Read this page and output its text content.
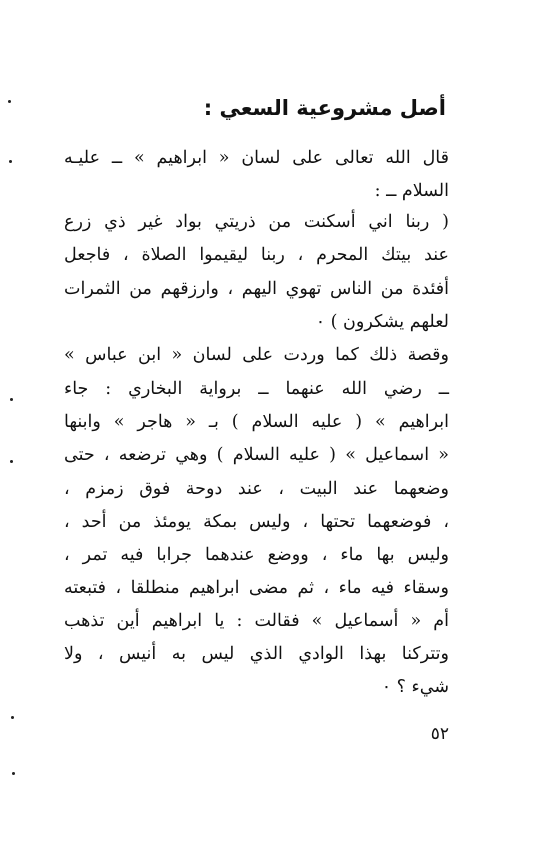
أصل مشروعية السعي :
قال الله تعالى على لسان « ابراهيم » ــ عليـه
السلام ــ :
( ربنا اني أسكنت من ذريتي بواد غير ذي زرع
عند بيتك المحرم ، ربنا ليقيموا الصلاة ، فاجعل
أفئدة من الناس تهوي اليهم ، وارزقهم من الثمرات
لعلهم يشكرون ) ٠
وقصة ذلك كما وردت على لسان « ابن عباس »
ــ رضي الله عنهما ــ برواية البخاري : جاء
ابراهيم » ( عليه السلام ) بـ « هاجر » وابنها
« اسماعيل » ( عليه السلام ) وهي ترضعه ، حتى
وضعهما عند البيت ، عند دوحة فوق زمزم ،
، فوضعهما تحتها ، وليس بمكة يومئذ من أحد ،
وليس بها ماء ، ووضع عندهما جرابا فيه تمر ،
وسقاء فيه ماء ، ثم مضى ابراهيم منطلقا ، فتبعته
أم « أسماعيل » فقالت : يا ابراهيم أين تذهب
وتتركنا بهذا الوادي الذي ليس به أنيس ، ولا
شيء ؟ ٠
٥٢
